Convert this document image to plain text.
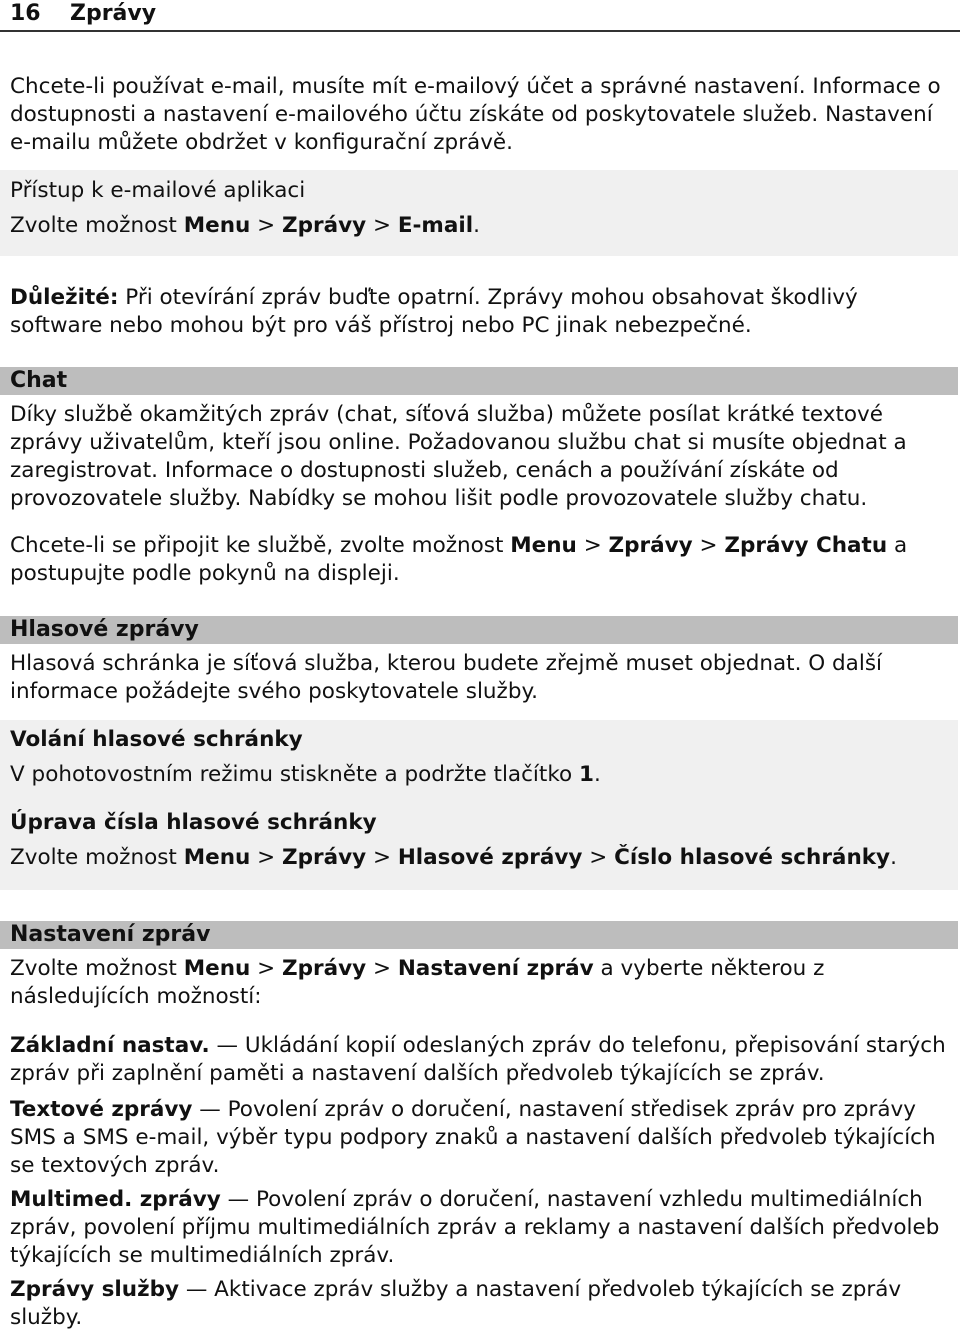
16 Zprávy
Chcete-li používat e-mail, musíte mít e-mailový účet a správné nastavení. Informace o dostupnosti a nastavení e-mailového účtu získáte od poskytovatele služeb. Nastavení e-mailu můžete obdržet v konfigurační zprávě.
Přístup k e-mailové aplikaci
Zvolte možnost Menu > Zprávy > E-mail.
Důležité: Při otevírání zpráv buďte opatrní. Zprávy mohou obsahovat škodlivý software nebo mohou být pro váš přístroj nebo PC jinak nebezpečné.
Chat
Díky službě okamžitých zpráv (chat, síťová služba) můžete posílat krátké textové zprávy uživatelům, kteří jsou online. Požadovanou službu chat si musíte objednat a zaregistrovat. Informace o dostupnosti služeb, cenách a používání získáte od provozovatele služby. Nabídky se mohou lišit podle provozovatele služby chatu.
Chcete-li se připojit ke službě, zvolte možnost Menu > Zprávy > Zprávy Chatu a postupujte podle pokynů na displeji.
Hlasové zprávy
Hlasová schránka je síťová služba, kterou budete zřejmě muset objednat. O další informace požádejte svého poskytovatele služby.
Volání hlasové schránky
V pohotovostním režimu stiskněte a podržte tlačítko 1.
Úprava čísla hlasové schránky
Zvolte možnost Menu > Zprávy > Hlasové zprávy > Číslo hlasové schránky.
Nastavení zpráv
Zvolte možnost Menu > Zprávy > Nastavení zpráv a vyberte některou z následujících možností:
Základní nastav. — Ukládání kopií odeslaných zpráv do telefonu, přepisování starých zpráv při zaplnění paměti a nastavení dalších předvoleb týkajících se zpráv.
Textové zprávy — Povolení zpráv o doručení, nastavení středisek zpráv pro zprávy SMS a SMS e-mail, výběr typu podpory znaků a nastavení dalších předvoleb týkajících se textových zpráv.
Multimed. zprávy — Povolení zpráv o doručení, nastavení vzhledu multimediálních zpráv, povolení příjmu multimediálních zpráv a reklamy a nastavení dalších předvoleb týkajících se multimediálních zpráv.
Zprávy služby — Aktivace zpráv služby a nastavení předvoleb týkajících se zpráv služby.
